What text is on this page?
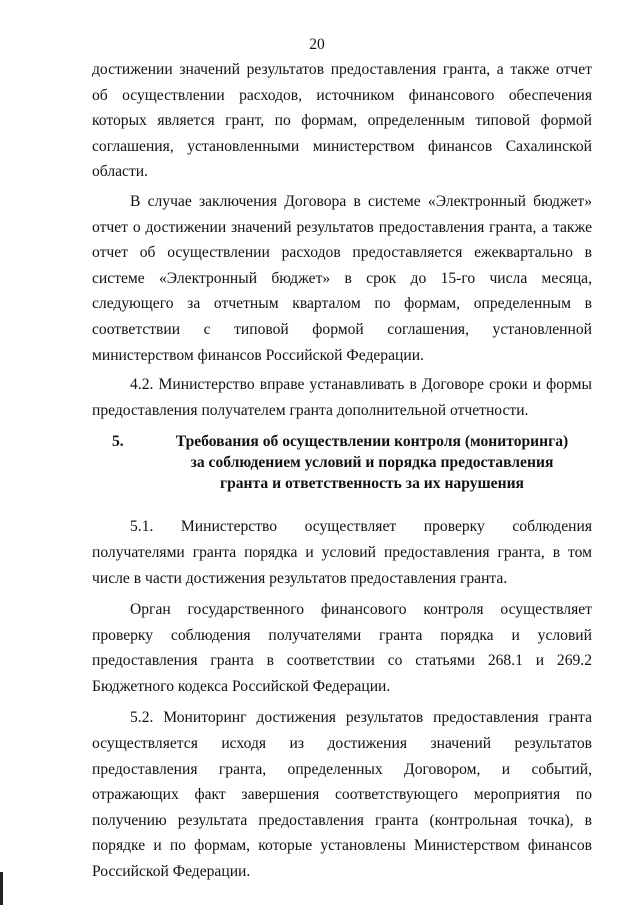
20

достижении значений результатов предоставления гранта, а также отчет об осуществлении расходов, источником финансового обеспечения которых является грант, по формам, определенным типовой формой соглашения, установленными министерством финансов Сахалинской области.

В случае заключения Договора в системе «Электронный бюджет» отчет о достижении значений результатов предоставления гранта, а также отчет об осуществлении расходов предоставляется ежеквартально в системе «Электронный бюджет» в срок до 15-го числа месяца, следующего за отчетным кварталом по формам, определенным в соответствии с типовой формой соглашения, установленной министерством финансов Российской Федерации.

4.2. Министерство вправе устанавливать в Договоре сроки и формы предоставления получателем гранта дополнительной отчетности.

5.	Требования об осуществлении контроля (мониторинга) за соблюдением условий и порядка предоставления гранта и ответственность за их нарушения

5.1. Министерство осуществляет проверку соблюдения получателями гранта порядка и условий предоставления гранта, в том числе в части достижения результатов предоставления гранта.

Орган государственного финансового контроля осуществляет проверку соблюдения получателями гранта порядка и условий предоставления гранта в соответствии со статьями 268.1 и 269.2 Бюджетного кодекса Российской Федерации.

5.2. Мониторинг достижения результатов предоставления гранта осуществляется исходя из достижения значений результатов предоставления гранта, определенных Договором, и событий, отражающих факт завершения соответствующего мероприятия по получению результата предоставления гранта (контрольная точка), в порядке и по формам, которые установлены Министерством финансов Российской Федерации.
